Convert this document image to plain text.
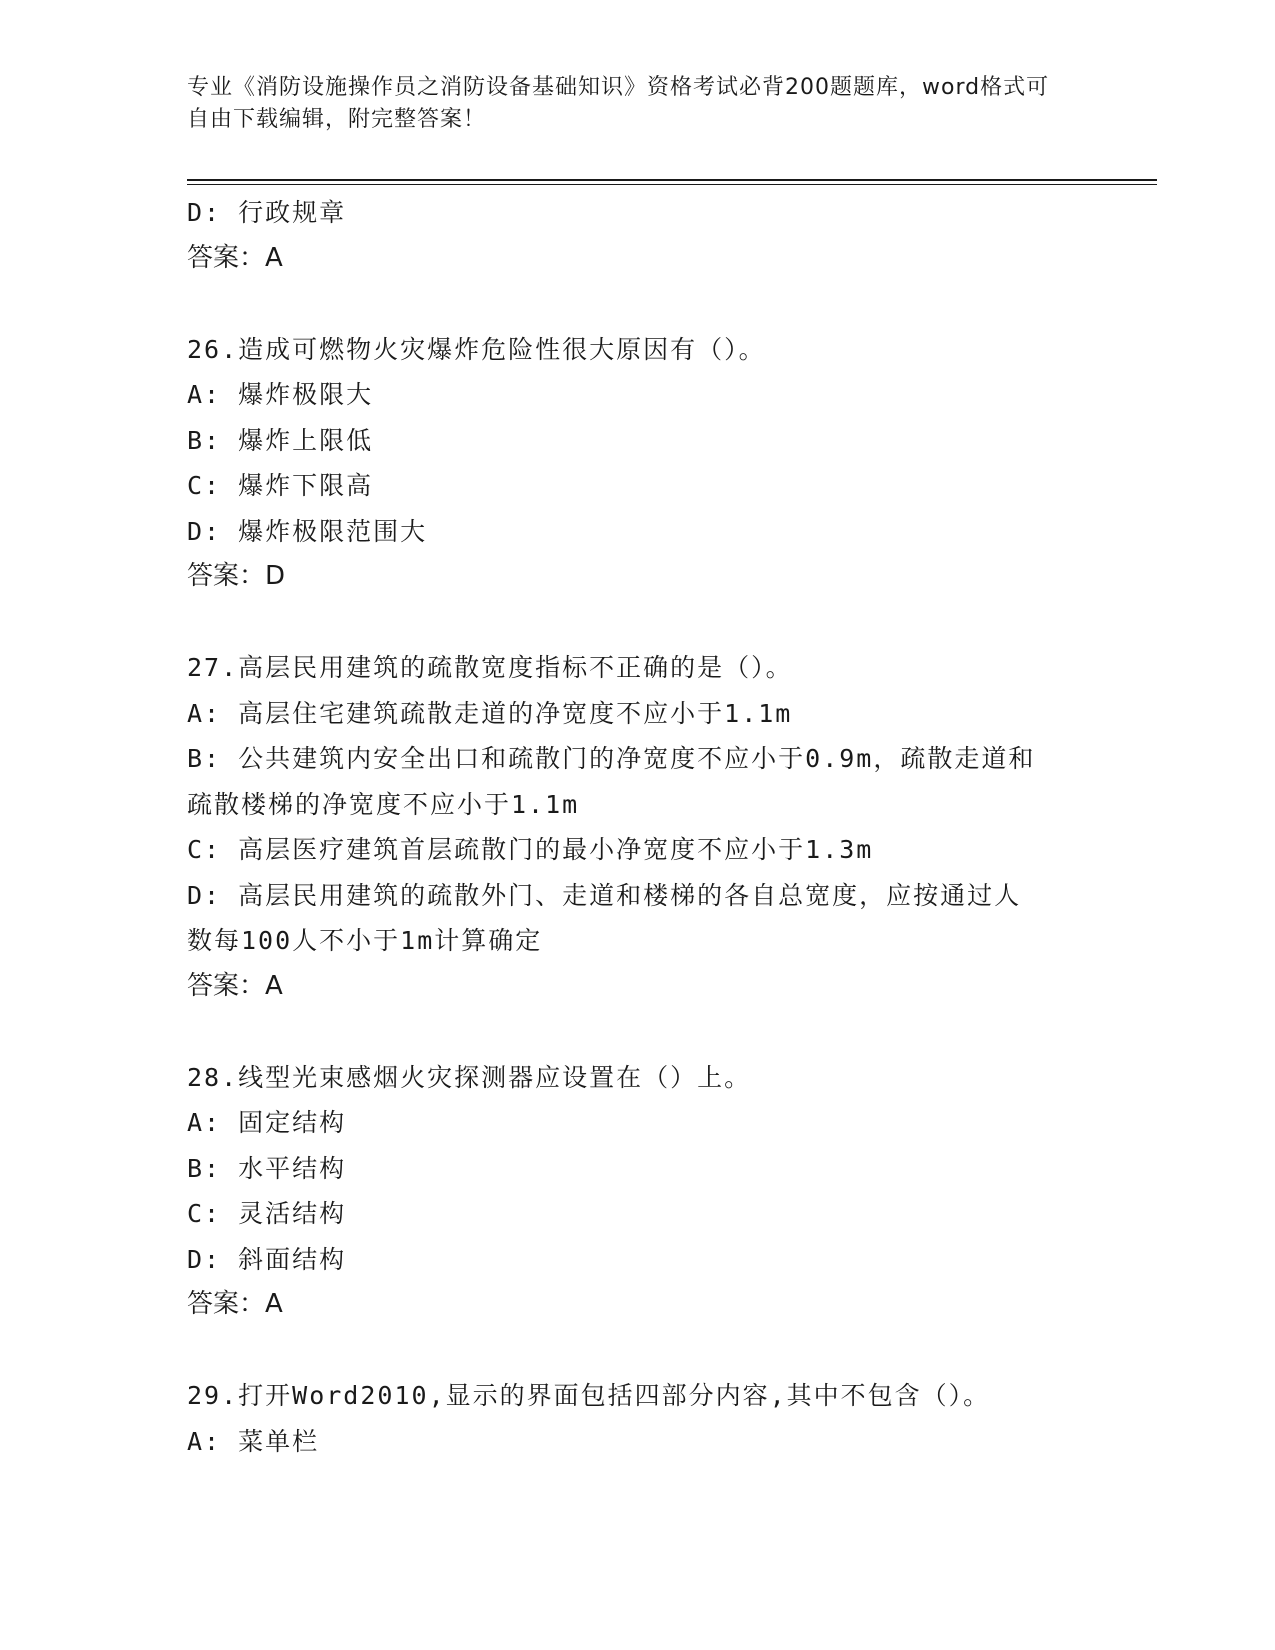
专业《消防设施操作员之消防设备基础知识》资格考试必背200题题库，word格式可自由下载编辑，附完整答案！
D: 行政规章
答案：A
26.造成可燃物火灾爆炸危险性很大原因有（）。
A: 爆炸极限大
B: 爆炸上限低
C: 爆炸下限高
D: 爆炸极限范围大
答案：D
27.高层民用建筑的疏散宽度指标不正确的是（）。
A: 高层住宅建筑疏散走道的净宽度不应小于1.1m
B: 公共建筑内安全出口和疏散门的净宽度不应小于0.9m，疏散走道和
疏散楼梯的净宽度不应小于1.1m
C: 高层医疗建筑首层疏散门的最小净宽度不应小于1.3m
D: 高层民用建筑的疏散外门、走道和楼梯的各自总宽度，应按通过人
数每100人不小于1m计算确定
答案：A
28.线型光束感烟火灾探测器应设置在（）上。
A: 固定结构
B: 水平结构
C: 灵活结构
D: 斜面结构
答案：A
29.打开Word2010,显示的界面包括四部分内容,其中不包含（）。
A: 菜单栏
